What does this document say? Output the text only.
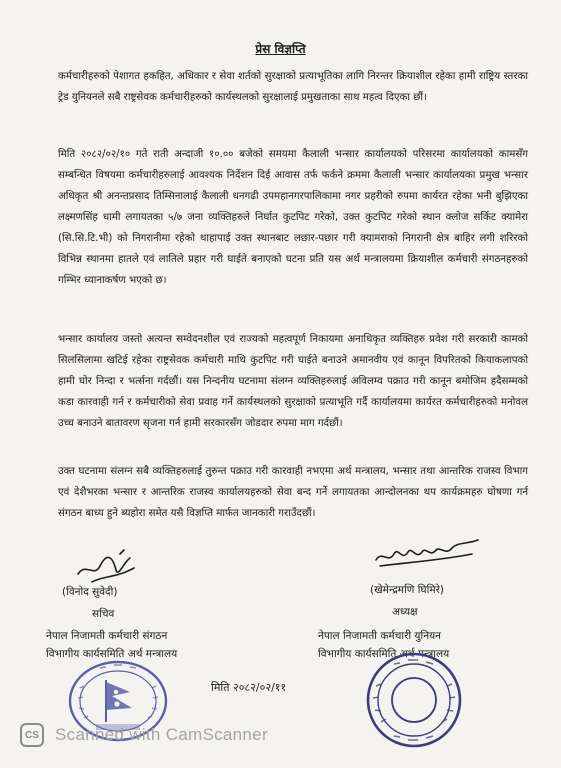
प्रेस विज्ञप्ति

कर्मचारीहरुको पेशागत हकहित, अधिकार र सेवा शर्तको सुरक्षाको प्रत्याभूतिका लागि निरन्तर क्रियाशील रहेका हामी राष्ट्रिय स्तरका ट्रेड युनियनले सबै राष्ट्रसेवक कर्मचारीहरुको कार्यस्थलको सुरक्षालाई प्रमुखताका साथ महत्व दिएका छौं।

मिति २०८२/०२/१० गते राती अन्दाजी १०.०० बजेको समयमा कैलाली भन्सार कार्यालयको परिसरमा कार्यालयको कामसँग सम्बन्धित विषयमा कर्मचारीहरुलाई आवश्यक निर्देशन दिई आवास तर्फ फर्कने क्रममा कैलाली भन्सार कार्यालयका प्रमुख भन्सार अधिकृत श्री अनन्तप्रसाद तिम्सिनालाई कैलाली धनगढी उपमहानगरपालिकामा नगर प्रहरीको रुपमा कार्यरत रहेका भनी बुझिएका लक्ष्मणसिंह धामी लगायतका ५/७ जना व्यक्तिहरुले निर्घात कुटपिट गरेको, उक्त कुटपिट गरेको स्थान क्लोज सर्किट क्यामेरा (सि.सि.टि.भी) को निगरानीमा रहेको थाहापाई उक्त स्थानबाट लछार-पछार गरी क्यामराको निगरानी क्षेत्र बाहिर लगी शरिरको विभिन्न स्थानमा हातले एवं लातिले प्रहार गरी घाईते बनाएको घटना प्रति यस अर्थ मन्त्रालयमा क्रियाशील कर्मचारी संगठनहरुको गम्भिर ध्यानाकर्षण भएको छ।

भन्सार कार्यालय जस्तो अत्यन्त सम्वेदनशील एवं राज्यको महत्वपूर्ण निकायमा अनाधिकृत व्यक्तिहरु प्रवेश गरी सरकारी कामको सिलसिलामा खटिई रहेका राष्ट्रसेवक कर्मचारी माथि कुटपिट गरी घाईते बनाउने अमानवीय एवं कानून विपरितको कियाकलापको हामी घोर निन्दा र भर्त्सना गर्दछौं। यस निन्दनीय घटनामा संलग्न व्यक्तिहरुलाई अविलम्व पक्राउ गरी कानून बमोजिम हदैसम्मको कडा कारवाही गर्न र कर्मचारीको सेवा प्रवाह गर्ने कार्यस्थलको सुरक्षाको प्रत्याभूति गर्दै कार्यालयमा कार्यरत कर्मचारीहरुको मनोवल उच्च बनाउने बातावरण सृजना गर्न हामी सरकारसँग जोडदार रुपमा माग गर्दछौं।

उक्त घटनामा संलग्न सबै व्यक्तिहरुलाई तुरुन्त पक्राउ गरी कारवाही नभएमा अर्थ मन्त्रालय, भन्सार तथा आन्तरिक राजस्व विभाग एवं देशैभरका भन्सार र आन्तरिक राजस्व कार्यालयहरुको सेवा बन्द गर्ने लगायतका आन्दोलनका थप कार्यक्रमहरु घोषणा गर्न संगठन बाध्य हुने ब्यहोरा समेत यसै विज्ञप्ति मार्फत जानकारी गराउँदछौं।

(विनोद सुवेदी)
सचिव
नेपाल निजामती कर्मचारी संगठन
विभागीय कार्यसमिति अर्थ मन्त्रालय
(खेमेन्द्रमणि घिमिरे)
अध्यक्ष
नेपाल निजामती कर्मचारी युनियन
विभागीय कार्यसमिति अर्थ मन्त्रालय
मिति २०८२/०२/११
CS Scanned with CamScanner
